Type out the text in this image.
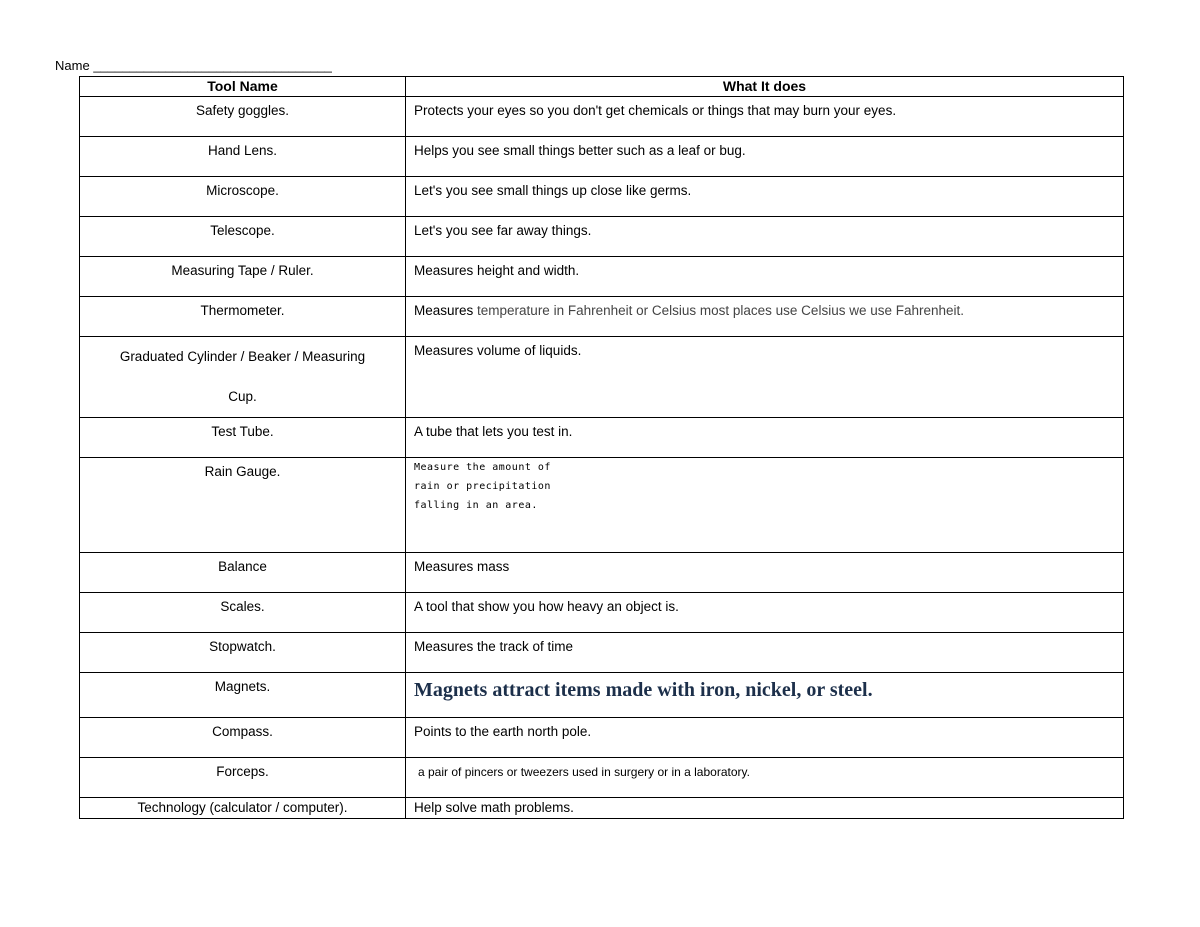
Name _________________________________
Tool Name	What It does
Safety goggles.	Protects your eyes so you don't get chemicals or things that may burn your eyes.
Hand Lens.	Helps you see small things better such as a leaf or bug.
Microscope.	Let's you see small things up close like germs.
Telescope.	Let's you see far away things.
Measuring Tape / Ruler.	Measures height and width.
Thermometer.	Measures temperature in Fahrenheit or Celsius most places use Celsius we use Fahrenheit.

Graduated Cylinder / Beaker / Measuring
Cup.	Measures volume of liquids.
Test Tube.	A tube that lets you test in.
Rain Gauge.	Measure the amount of
rain or precipitation
falling in an area.

Balance	Measures mass
Scales.	A tool that show you how heavy an object is.
Stopwatch.	Measures the track of time
Magnets.	Magnets attract items made with iron, nickel, or steel.
Compass.	Points to the earth north pole.
Forceps.	a pair of pincers or tweezers used in surgery or in a laboratory.
Technology (calculator / computer).	Help solve math problems.
